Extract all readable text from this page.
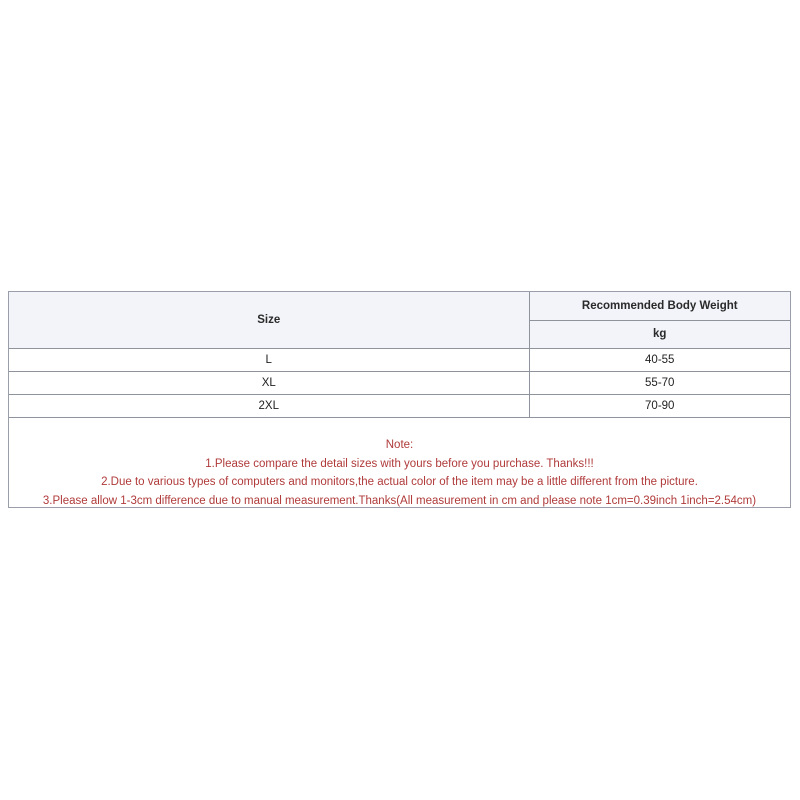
Size	Recommended Body Weight
	kg
L	40-55
XL	55-70
2XL	70-90
Note:
1.Please compare the detail sizes with yours before you purchase. Thanks!!!
2.Due to various types of computers and monitors,the actual color of the item may be a little different from the picture.
3.Please allow 1-3cm difference due to manual measurement.Thanks(All measurement in cm and please note 1cm=0.39inch 1inch=2.54cm)
